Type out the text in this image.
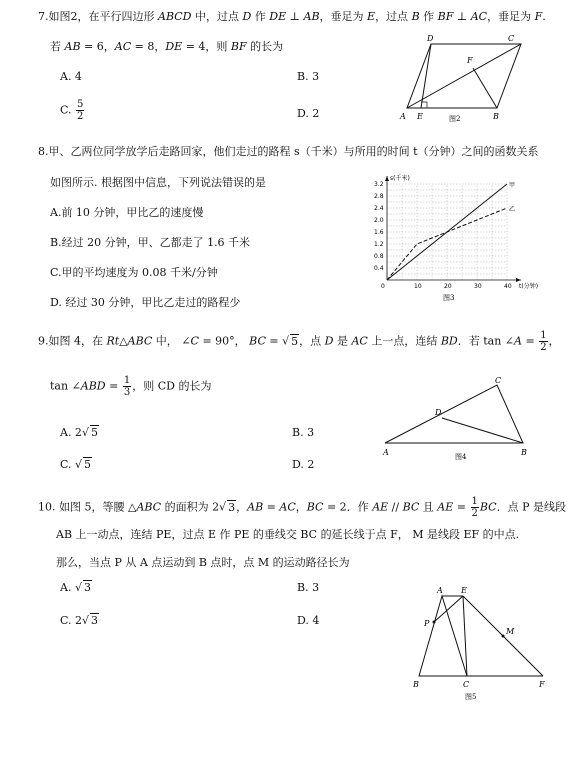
7.如图2，在平行四边形 ABCD 中，过点 D 作 DE ⊥ AB，垂足为 E，过点 B 作 BF ⊥ AC，垂足为 F.
若 AB = 6，AC = 8，DE = 4，则 BF 的长为
A. 4	B. 3
C. $\frac{5}{2}$	D. 2
D	C
F
A E	B
图2
8.甲、乙两位同学放学后走路回家，他们走过的路程 s（千米）与所用的时间 t（分钟）之间的函数关系
如图所示. 根据图中信息，下列说法错误的是
A.前 10 分钟，甲比乙的速度慢
B.经过 20 分钟，甲、乙都走了 1.6 千米
C.甲的平均速度为 0.08 千米/分钟
D. 经过 30 分钟，甲比乙走过的路程少
0	10	20	30	40
0.4
0.8
1.2
1.6
2.0
2.4
2.8
3.2	甲
乙
s(千米)
t(分钟)
图3
9.如图 4，在 Rt△ABC 中， ∠C = 90°， BC = √ 5，点 D 是 AC 上一点，连结 BD．若 tan ∠A = $\frac{1}{2}$ ，
tan ∠ABD = $\frac{1}{3}$ ，则 CD 的长为
A. 2√ 5	B. 3
C. √ 5	D. 2
C
D
A	B
图4
10. 如图 5，等腰 △ABC 的面积为 2√ 3，AB = AC，BC = 2．作 AE // BC 且 AE = $\frac{1}{2}$ BC．点 P 是线段
AB 上一动点，连结 PE，过点 E 作 PE 的垂线交 BC 的延长线于点 F， M 是线段 EF 的中点.
那么，当点 P 从 A 点运动到 B 点时，点 M 的运动路径长为
A. √ 3	B. 3
C. 2√ 3	D. 4
A E
P
M
B	C	F
图5
